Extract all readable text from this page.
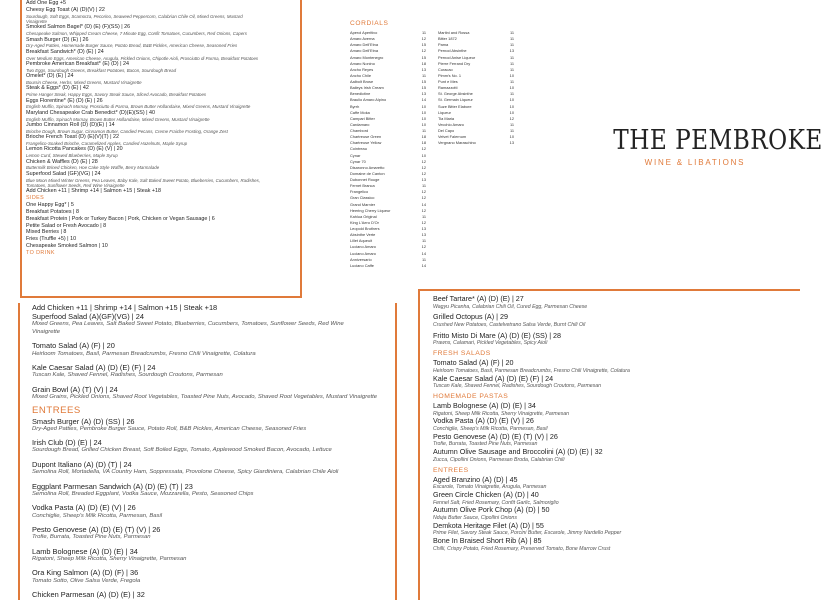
Add One Egg +5
Cheesy Egg Toast (A) (D)(V) | 22
Sourdough, Soft Eggs, Scamorza, Pecorino, Seaweed Peppercorn, Calabrian Chile Oil, Mixed Greens, Mustard
Vinaigrette
Smoked Salmon Bagel* (D) (E) (F)(SS) | 26
Chesapeake Salmon, Whipped Cream Cheese, 7 Minute Egg, Confit Tomatoes, Cucumbers, Red Onions, Capers
Smash Burger (D) (E) | 26
Dry-Aged Patties, Homemade Burger Sauce, Potato Bread, B&B Pickles, American Cheese, Seasoned Fries
Breakfast Sandwich* (D) (E) | 24
Over Medium Eggs, American Cheese, Arugula, Pickled Onions, Chipotle Aioli, Prosciutto di Parma, Breakfast Potatoes
Pembroke American Breakfast* (E) (D) | 24
Two Eggs, Sourdough Greens, Breakfast Potatoes, Bacon, Sourdough Bread
Omelet* (D) (E) | 24
Boursin Cheese, Herbs, Mixed Greens, Mustard Vinaigrette
Steak & Eggs* (D) (E) | 42
Prime Hanger Steak, Happy Eggs, Savory Steak Sauce, Sliced Avocado, Breakfast Potatoes
Eggs Florentine* (E) (D) (E) | 26
English Muffin, Spinach Mornay, Prosciutto di Parma, Brown Butter Hollandaise, Mixed Greens, Mustard Vinaigrette
Maryland Chesapeake Crab Benedict* (D)(E)(SS) | 40
English Muffin, Spinach Mornay, Brown Butter Hollandaise, Mixed Greens, Mustard Vinaigrette
Jumbo Cinnamon Roll (D) (D)(E) | 14
Brioche Dough, Brown Sugar, Cinnamon Butter, Candied Pecans, Creme Fraiche Frosting, Orange Zest
Brioche French Toast (D) (E)(V)(T) | 22
Frangelico-Soaked Brioche, Caramelized Apples, Candied Hazelnuts, Maple Syrup
Lemon Ricotta Pancakes (D) (E) (V) | 20
Lemon Curd, Stewed Blueberries, Maple Syrup
Chicken & Waffles (D) (E) | 28
Buttermilk Brined Chicken, Hoe Cake Style Waffle, Berry Marmalade
Superfood Salad (GF)(VG) | 24
Blue Moon Mixed Winter Greens, Pea Leaves, Baby Kale, Salt Baked Sweet Potato, Blueberries, Cucumbers, Radishes,
Tomatoes, Sunflower Seeds, Red Wine Vinaigrette
Add Chicken +11 | Shrimp +14 | Salmon +15 | Steak +18
SIDES
One Happy Egg* | 5
Breakfast Potatoes | 8
Breakfast Protein | Pork or Turkey Bacon | Pork, Chicken or Vegan Sausage | 6
Petite Salad or Fresh Avocado | 8
Mixed Berries | 8
Fries (Truffle +5) | 10
Chesapeake Smoked Salmon | 10
TO DRINK
CORDIALS
Aperol Aperitivo	11
Amaro Averna	12
Amaro Dell'Etna	15
Amaro Dell'Etna	12
Amaro Montenegro	15
Amaro Nonino	18
Ancho Reyes	13
Ancho Chile	11
Aalbolt Brose	15
Baileys Irish Cream	15
Benedictine	13
Braulio Amaro Alpino	14
Byrrh	10
Caffe Moka	10
Campari Bitter	10
Cardamaro	10
Chambord	11
Chartreuse Green	18
Chartreuse Yellow	18
Cointreau	12
Cynar	10
Cynar 70	12
Disaronno Amaretto	12
Domaine de Canton	12
Dubonnet Rouge	13
Fernet Branca	11
Frangelico	12
Gran Classico	12
Grand Marnier	14
Heering Cherry Liqueur	12
Kahlua Original	11
King L'Aero D'Or	12
Leopold Brothers	13
Absinthe Verte	13
Lillet Aqueuit	11
Luciano Amaro	12
Luciano Amaro	14
Anniversario	11
Luciano Caffe	14
Martini and Rossa	11
Bitter 1872	11
Pama	11
Pernod Absinthe	13
Pernod Anise Liqueur	11
Pierre Ferrand Dry	11
Curacao	11
Pimm's No. 1	10
Punt e Mes	11
Ramazzotti	10
St. George Absinthe	11
St. Germain Liqueur	10
Suze Bitter Elabore	10
Liqueur	10
Tia Maria	12
Vecchio Amaro	11
Del Capo	11
Velvet Falernum	10
Vergnano Maraschino	13	THE PEMBROKE
WINE & LIBATIONS
Add Chicken +11 | Shrimp +14 | Salmon +15 | Steak +18
Superfood Salad (A)(GF)(VG) | 24
Mixed Greens, Pea Leaves, Salt Baked Sweet Potato, Blueberries, Cucumbers, Tomatoes, Sunflower Seeds, Red Wine
Vinaigrette
Tomato Salad (A) (F) | 20
Heirloom Tomatoes, Basil, Parmesan Breadcrumbs, Fresno Chili Vinaigrette, Colatura
Kale Caesar Salad (A) (D) (E) (F) | 24
Tuscan Kale, Shaved Fennel, Radishes, Sourdough Croutons, Parmesan
Grain Bowl (A) (T) (V) | 24
Mixed Grains, Pickled Onions, Shaved Root Vegetables, Toasted Pine Nuts, Avocado, Shaved Root Vegetables, Mustard Vinaigrette
ENTREES
Smash Burger (A) (D) (SS) | 26
Dry-Aged Patties, Pembroke Burger Sauce, Potato Roll, B&B Pickles, American Cheese, Seasoned Fries
Irish Club (D) (E) | 24
Sourdough Bread, Grilled Chicken Breast, Soft Boiled Eggs, Tomato, Applewood Smoked Bacon, Avocado, Lettuce
Dupont Italiano (A) (D) (T) | 24
Semolina Roll, Mortadella, VA Country Ham, Soppressata, Provolone Cheese, Spicy Giardiniera, Calabrian Chile Aioli
Eggplant Parmesan Sandwich (A) (D) (E) (T) | 23
Semolina Roll, Breaded Eggplant, Vodka Sauce, Mozzarella, Pesto, Seasoned Chips
Vodka Pasta (A) (D) (E) (V) | 26
Conchiglie, Sheep's Milk Ricotta, Parmesan, Basil
Pesto Genovese (A) (D) (E) (T) (V) | 26
Trofie, Burrata, Toasted Pine Nuts, Parmesan
Lamb Bolognese (A) (D) (E) | 34
Rigatoni, Sheep Milk Ricotta, Sherry Vinaigrette, Parmesan
Ora King Salmon (A) (D) (F) | 36
Tomato Sotto, Olive Salsa Verde, Fregola
Chicken Parmesan (A) (D) (E) | 32
Beef Tartare* (A) (D) (E) | 27
Wagyu Picanha, Calabrian Chili Oil, Cured Egg, Parmesan Cheese
Grilled Octopus (A) | 29
Crushed New Potatoes, Castelvetrano Salsa Verde, Burnt Chili Oil
Fritto Misto Di Mare (A) (D) (E) (SS) | 28
Prawns, Calamari, Pickled Vegetables, Spicy Aioli
FRESH SALADS
Tomato Salad (A) (F) | 20
Heirloom Tomatoes, Basil, Parmesan Breadcrumbs, Fresno Chili Vinaigrette, Colatura
Kale Caesar Salad (A) (D) (E) (F) | 24
Tuscan Kale, Shaved Fennel, Radishes, Sourdough Croutons, Parmesan
HOMEMADE PASTAS
Lamb Bolognese (A) (D) (E) | 34
Rigatoni, Sheep Milk Ricotta, Sherry Vinaigrette, Parmesan
Vodka Pasta (A) (D) (E) (V) | 26
Conchiglie, Sheep's Milk Ricotta, Parmesan, Basil
Pesto Genovese (A) (D) (E) (T) (V) | 26
Trofie, Burrata, Toasted Pine Nuts, Parmesan
Autumn Olive Sausage and Broccolini (A) (D) (E) | 32
Zucca, Cipollini Onions, Parmesan Broda, Calabrian Chili
ENTREES
Aged Branzino (A) (D) | 45
Escarole, Tomato Vinaigrette, Arugula, Parmesan
Green Circle Chicken (A) (D) | 40
Fennel Salt, Fried Rosemary, Confit Garlic, Salmoriglio
Autumn Olive Pork Chop (A) (D) | 50
Nduja Butter Sauce, Cipollini Onions
Demkota Heritage Filet (A) (D) | 55
Prime Filet, Savory Steak Sauce, Porcini Butter, Escarole, Jimmy Nardello Pepper
Bone In Braised Short Rib (A) | 85
Chilli, Crispy Potato, Fried Rosemary, Preserved Tomato, Bone Marrow Crust
